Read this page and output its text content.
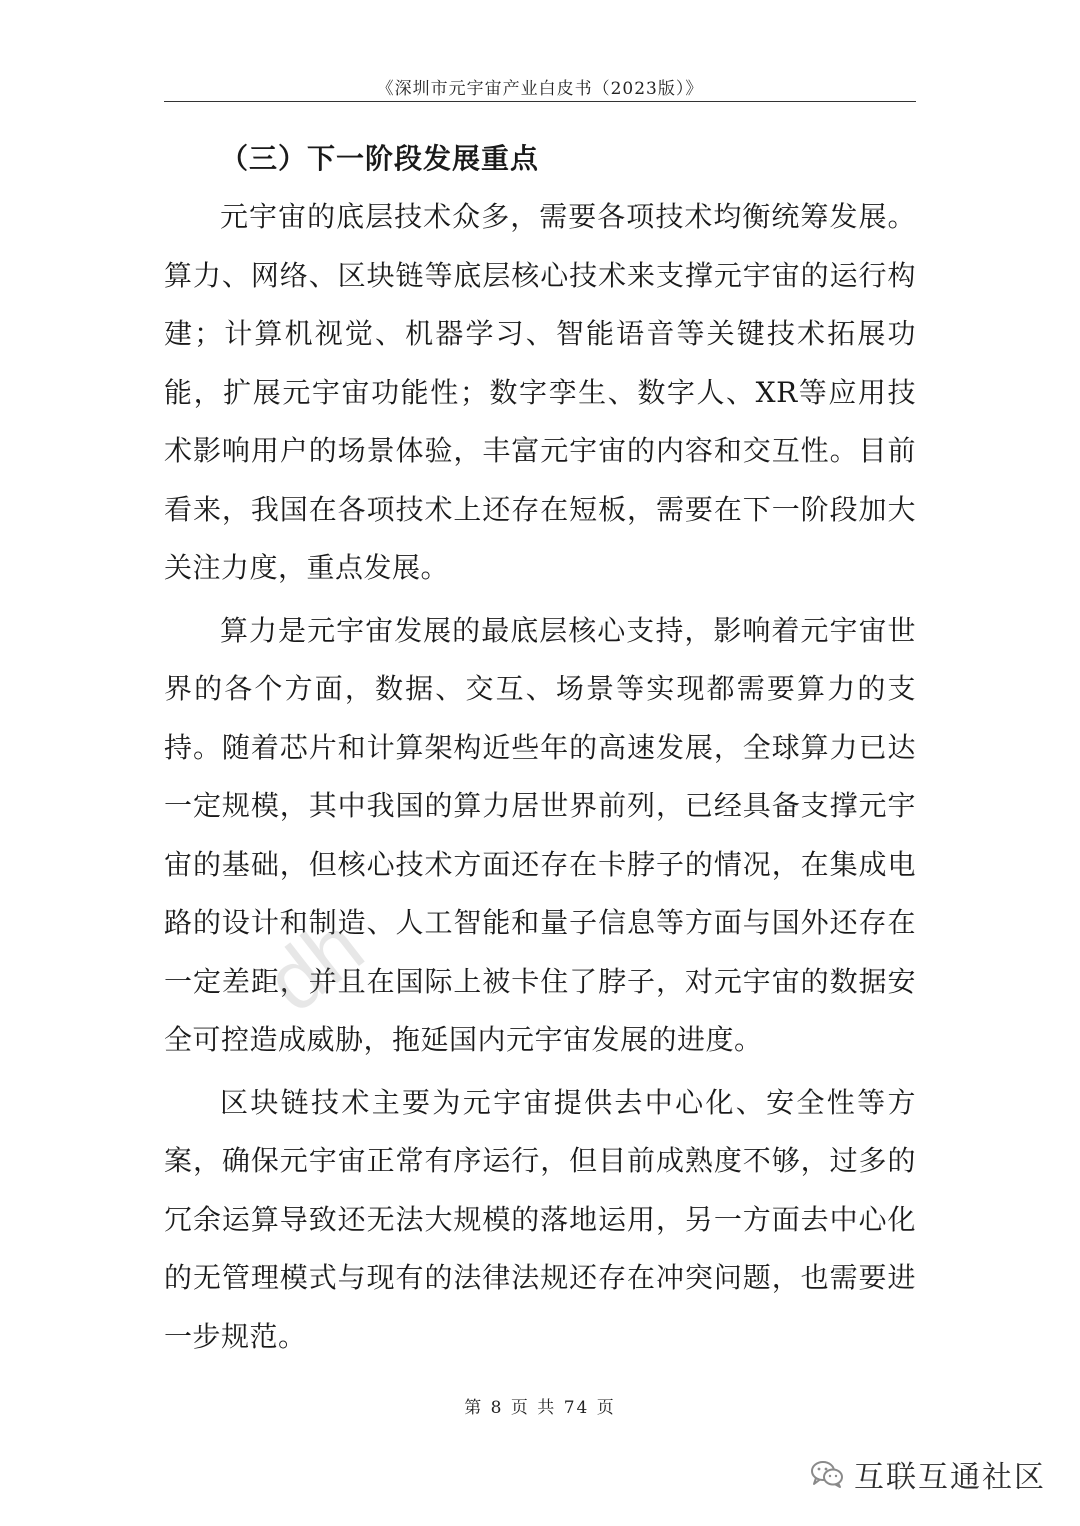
《深圳市元宇宙产业白皮书（2023版）》
（三）下一阶段发展重点

元宇宙的底层技术众多，需要各项技术均衡统筹发展。算力、网络、区块链等底层核心技术来支撑元宇宙的运行构建；计算机视觉、机器学习、智能语音等关键技术拓展功能，扩展元宇宙功能性；数字孪生、数字人、XR等应用技术影响用户的场景体验，丰富元宇宙的内容和交互性。目前看来，我国在各项技术上还存在短板，需要在下一阶段加大关注力度，重点发展。

算力是元宇宙发展的最底层核心支持，影响着元宇宙世界的各个方面，数据、交互、场景等实现都需要算力的支持。随着芯片和计算架构近些年的高速发展，全球算力已达一定规模，其中我国的算力居世界前列，已经具备支撑元宇宙的基础，但核心技术方面还存在卡脖子的情况，在集成电路的设计和制造、人工智能和量子信息等方面与国外还存在一定差距，并且在国际上被卡住了脖子，对元宇宙的数据安全可控造成威胁，拖延国内元宇宙发展的进度。

区块链技术主要为元宇宙提供去中心化、安全性等方案，确保元宇宙正常有序运行，但目前成熟度不够，过多的冗余运算导致还无法大规模的落地运用，另一方面去中心化的无管理模式与现有的法律法规还存在冲突问题，也需要进一步规范。

dh
第 8 页 共 74 页
互联互通社区
